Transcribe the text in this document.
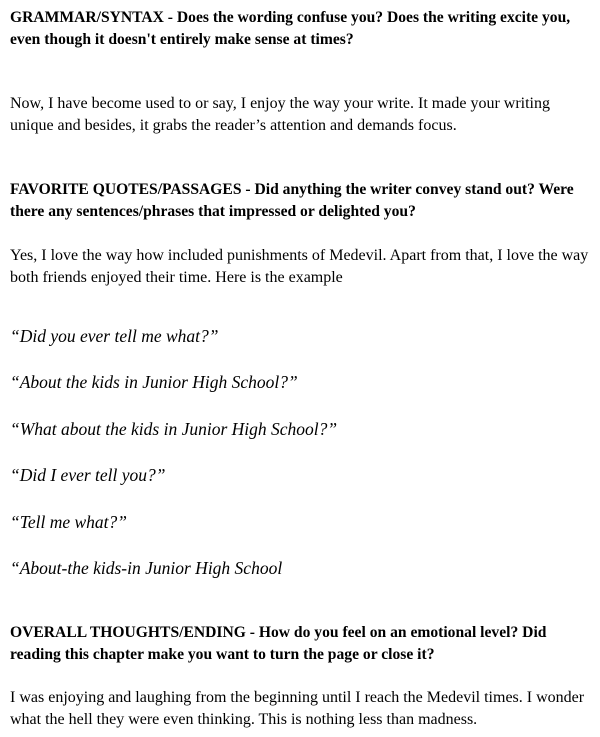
GRAMMAR/SYNTAX - Does the wording confuse you? Does the writing excite you, even though it doesn't entirely make sense at times?

Now, I have become used to or say, I enjoy the way your write. It made your writing unique and besides, it grabs the reader’s attention and demands focus.

FAVORITE QUOTES/PASSAGES - Did anything the writer convey stand out? Were there any sentences/phrases that impressed or delighted you?

Yes, I love the way how included punishments of Medevil. Apart from that, I love the way both friends enjoyed their time. Here is the example

“Did you ever tell me what?”

“About the kids in Junior High School?”

“What about the kids in Junior High School?”

“Did I ever tell you?”

“Tell me what?”

“About-the kids-in Junior High School

OVERALL THOUGHTS/ENDING - How do you feel on an emotional level? Did reading this chapter make you want to turn the page or close it?

I was enjoying and laughing from the beginning until I reach the Medevil times. I wonder what the hell they were even thinking. This is nothing less than madness.
